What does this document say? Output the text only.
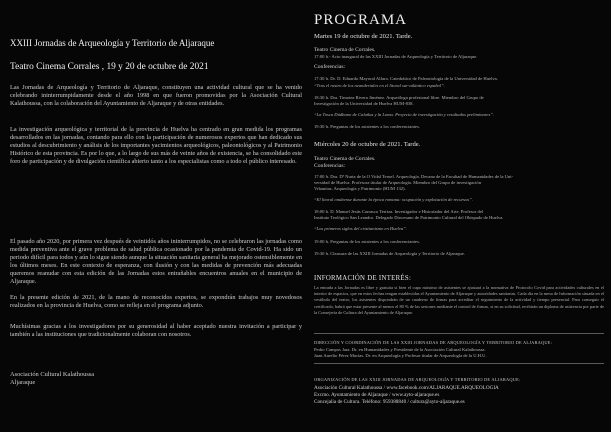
XXIII Jornadas de Arqueología y Territorio de Aljaraque
Teatro Cinema Corrales , 19 y 20 de octubre de 2021

Las Jornadas de Arqueología y Territorio de Aljaraque, constituyen una actividad cultural que se ha venido celebrando ininterrumpidamente desde el año 1998 en que fueron promovidas por la Asociación Cultural Kalathoussa, con la colaboración del Ayuntamiento de Aljaraque y de otras entidades.

La investigación arqueológica y territorial de la provincia de Huelva ha centrado en gran medida los programas desarrollados en las jornadas, contando para ello con la participación de numerosos expertos que han dedicado sus estudios al descubrimiento y análisis de los importantes yacimientos arqueológicos, paleontológicos y al Patrimonio Histórico de esta provincia. Es por lo que, a lo largo de sus más de veinte años de existencia, se ha consolidado este foro de participación y de divulgación científica abierto tanto a los especialistas como a todo el público interesado.

El pasado año 2020, por primera vez después de veintidós años ininterrumpidos, no se celebraron las jornadas como medida preventiva ante el grave problema de salud pública ocasionado por la pandemia de Covid-19. Ha sido un periodo difícil para todos y aún lo sigue siendo aunque la situación sanitaria general ha mejorado ostensiblemente en los últimos meses. En este contexto de esperanza, con ilusión y con las medidas de prevención más adecuadas queremos reanudar con esta edición de las Jornadas estos entrañables encuentros anuales en el municipio de Aljaraque.

En la presente edición de 2021, de la mano de reconocidos expertos, se expondrán trabajos muy novedosos realizados en la provincia de Huelva, como se refleja en el programa adjunto.

Muchísimas gracias a los investigadores por su generosidad al haber aceptado nuestra invitación a participar y también a las instituciones que tradicionalmente colaboran con nosotros.

Asociación Cultural Kalathoussa
Aljaraque
PROGRAMA
Martes 19 de octubre de 2021. Tarde.
Teatro Cinema de Corrales.
17:00 h.- Acto inaugural de las XXIII Jornadas de Arqueología y Territorio de Aljaraque.
Conferencias:
17:30 h. Dr. D. Eduardo Mayoral Alfaro. Catedrático de Paleontología de la Universidad de Huelva.
“Tras el rastro de los neandertales en el litoral sur-atlántico español”.
18:30 h. Dra. Timotea Rivera Jiménez. Arqueóloga profesional libre. Miembro del Grupo de
Investigación de la Universidad de Huelva HUM-838.
“La Tosca Dúdbano de Calañas y la Loma. Proyecto de investigación y resultados preliminares”.
19:30 h. Preguntas de los asistentes a los conferenciantes.
Miércoles 20 de octubre de 2021. Tarde.
Teatro Cinema de Corrales.
Conferencias:
17:00 h. Dra. Dª Nuria de la O Vidal Teruel. Arqueología. Decana de la Facultad de Humanidades de la Uni-
versidad de Huelva. Profesora titular de Arqueología. Miembro del Grupo de investigación
Vrbanitas. Arqueología y Patrimonio (HUM 132).
“El litoral onubense durante la época romana: ocupación y explotación de recursos”.
18:00 h. D. Manuel Jesús Carrasco Terriza. Investigador e Historiador del Arte. Profesor del
Instituto Teológico San Leandro. Delegado Diocesano de Patrimonio Cultural del Obispado de Huelva.
“Los primeros siglos del cristianismo en Huelva”.
19:00 h. Preguntas de los asistentes a los conferenciantes.
19:30 h. Clausura de las XXIII Jornadas de Arqueología y Territorio de Aljaraque.
INFORMACIÓN DE INTERÉS:

La entrada a las Jornadas es libre y gratuita si bien el cupo máximo de asistentes se ajustará a la normativa de Protocolo Covid para actividades culturales en el interior de espacios, que en estos fechas tengan establecidas el Ayuntamiento de Aljaraque y autoridades sanitarias. Cada día en la mesa de Información situada en el vestíbulo del teatro, los asistentes dispondrán de un cuaderno de firmas para acreditar el seguimiento de la actividad y tiempo presencial. Para conseguir el certificado, habrá que estar presente al menos el 80 % de las sesiones mediante el control de firmas, si en su solicitud, recibirán un diploma de asistencia por parte de la Consejería de Cultura del Ayuntamiento de Aljaraque.

DIRECCIÓN Y COORDINACIÓN DE LAS XXIII JORNADAS DE ARQUEOLOGÍA Y TERRITORIO DE ALJARAQUE:
Pedro Campos Jara. Dr. en Humanidades y Presidente de la Asociación Cultural Kalathoussa.
Juan Aurelio Pérez Macías. Dr. en Arqueología y Profesor titular de Arqueología de la U.H.U.
ORGANIZACIÓN DE LAS XXIII JORNADAS DE ARQUEOLOGÍA Y TERRITORIO DE ALJARAQUE:
Asociación Cultural Kalathoussa / www.facebook.com/ALJARAQUE.ARQUEOLOGIA
Excmo. Ayuntamiento de Aljaraque / www.ayto-aljaraque.es
Concejalía de Cultura. Teléfono: 959388840 / cultura@ayto-aljaraque.es
